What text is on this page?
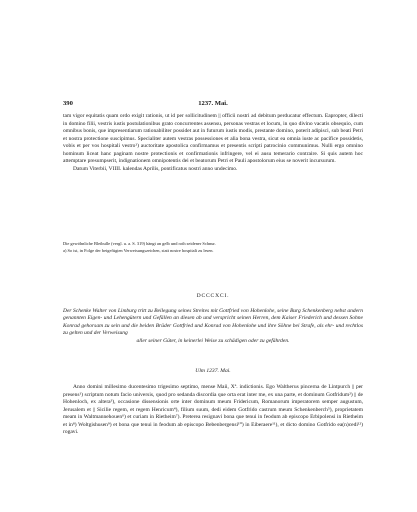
390	1237. Mai.

tam vigor equitatis quam ordo exigit rationis, ut id per sollicitudinem || officii nostri ad debitum perducatur effectum. Eapropter, dilecti in domino filii, vestris iustis postulationibus grato concurrentes assensu, personas vestras et locum, in quo divino vacatis obsequio, cum omnibus bonis, que impresentiarum rationabiliter possidet aut in futurum iustis modis, prestante domino, poterit adipisci, sub beati Petri et nostra protectione suscipimus. Specialiter autem vestras possessiones et alia bona vestra, sicut ea omnia iuste ac pacifice possidetis, vobis et per vos hospitali vestro¹) auctoritate apostolica confirmamus et presentis scripti patrocinio communimus. Nulli ergo omnino hominum liceat hanc paginam nostre protectionis et confirmationis infringere, vel ei ausu temerario contraire. Si quis autem hoc attemptare presumpserit, indignationem omnipotentis dei et beatorum Petri et Pauli apostolorum eius se noverit incursurum.

Datum Viterbii, VIIII. kalendas Aprilis, pontificatus nostri anno undecimo.

Die gewöhnliche Bleibulle (vergl. u. a. S. 319) hängt an gelb und roth seidener Schnur.

a) So ist, in Folge der beigefügten Verweisungszeichen, statt nostre hospitali zu lesen.

DCCCXCI.

Der Schenke Walter von Limburg tritt zu Beilegung seines Streites mit Gottfried von Hohenlohe, seine Burg Schenkenberg nebst andern genannten Eigen- und Lehengütern und Gefällen an diesen ab und verspricht seinen Herren, dem Kaiser Friederich und dessen Sohne Konrad gehorsam zu sein und die beiden Brüder Gottfried und Konrad von Hohenlohe und ihre Söhne bei Strafe, als ehr- und rechtlos zu gelten und der Verweisung

aller seiner Güter, in keinerlei Weise zu schädigen oder zu gefährden.
Ulm 1237. Mai.
Anno domini millesimo ducentesimo trigesimo septimo, mense Maii, Xª. indictionis. Ego Waltherus pincerna de Lintpurch || per presens¹) scriptum notum facio universis, quod pro sedanda discordia que orta erat inter me, ex una parte, et dominum Gotfridum²) || de Hohenloch, ex altera³), occasione dissensionis orte inter dominum meum Fridericum, Romanorum imperatorem semper augustum, Jerusalem et || Sicilie regem, et regem Henricum⁴), filium suum, dedi eidem Gotfrido castrum meum Schenkenberch⁵), proprietatem meam in Waltmannehouen⁶) et curiam in Rietheim⁷). Preterea resignavi bona que tenui in feodum ab episcopo Erbipolensi in Rietheim et in⁸) Woltgishusen⁹) et bona que tenui in feodum ab episcopo Bebenbergensi¹⁰) in Eiberaere¹¹), et dicto domino Gotfrido ea(n)cedi¹²) rogavi.
